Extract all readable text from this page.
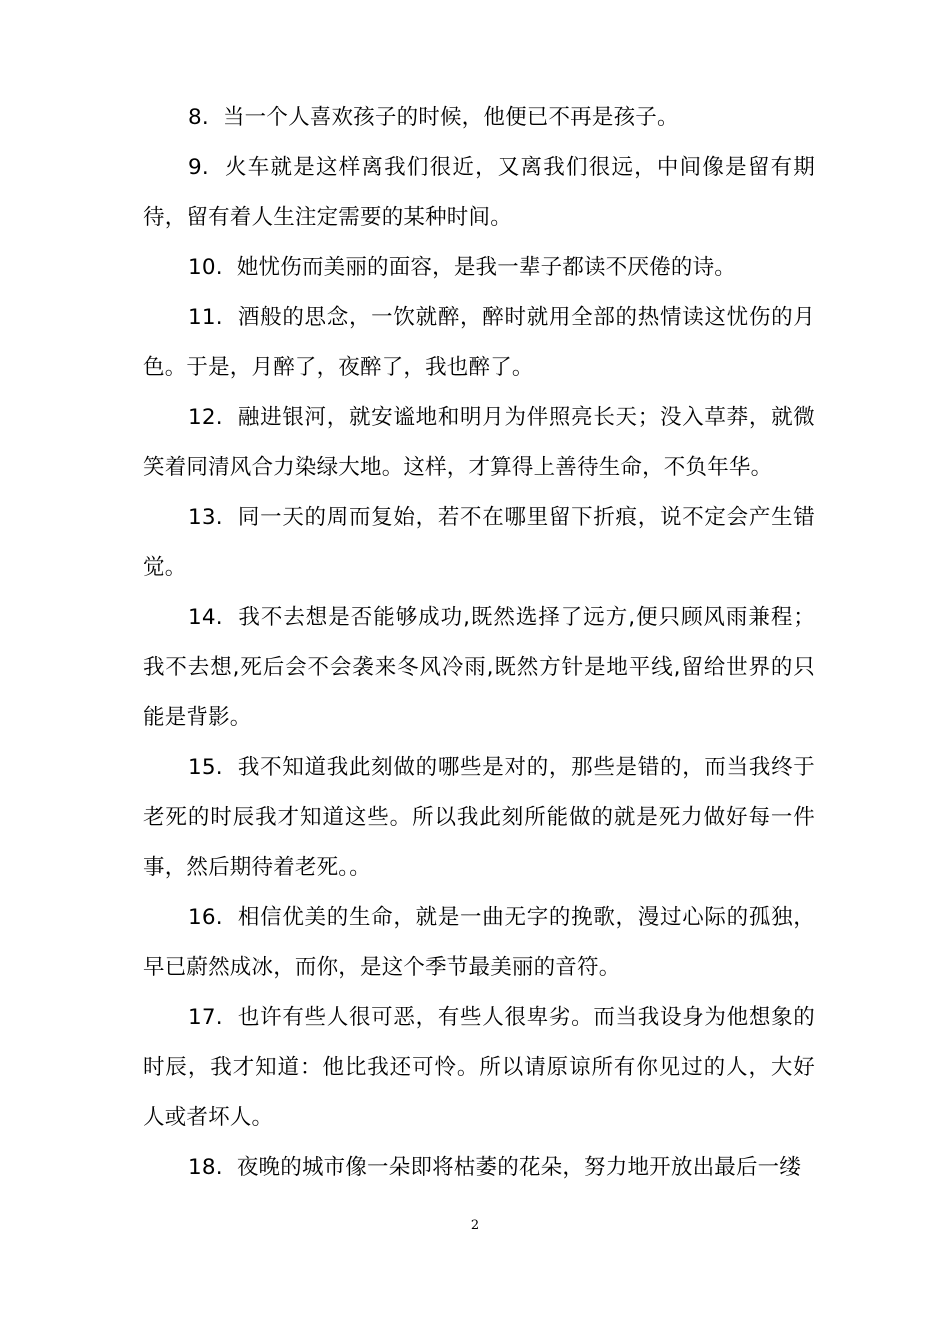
8.  当一个人喜欢孩子的时候，他便已不再是孩子。

9.  火车就是这样离我们很近，又离我们很远，中间像是留有期待，留有着人生注定需要的某种时间。

10.  她忧伤而美丽的面容，是我一辈子都读不厌倦的诗。

11.  酒般的思念，一饮就醉，醉时就用全部的热情读这忧伤的月色。于是，月醉了，夜醉了，我也醉了。

12.  融进银河，就安谧地和明月为伴照亮长天；没入草莽，就微笑着同清风合力染绿大地。这样，才算得上善待生命，不负年华。

13.  同一天的周而复始，若不在哪里留下折痕，说不定会产生错觉。

14.  我不去想是否能够成功,既然选择了远方,便只顾风雨兼程；我不去想,死后会不会袭来冬风冷雨,既然方针是地平线,留给世界的只能是背影。

15.  我不知道我此刻做的哪些是对的，那些是错的，而当我终于老死的时辰我才知道这些。所以我此刻所能做的就是死力做好每一件事，然后期待着老死。。

16.  相信优美的生命，就是一曲无字的挽歌，漫过心际的孤独，早已蔚然成冰，而你，是这个季节最美丽的音符。

17.  也许有些人很可恶，有些人很卑劣。而当我设身为他想象的时辰，我才知道：他比我还可怜。所以请原谅所有你见过的人，大好人或者坏人。

18.  夜晚的城市像一朵即将枯萎的花朵，努力地开放出最后一缕

2
